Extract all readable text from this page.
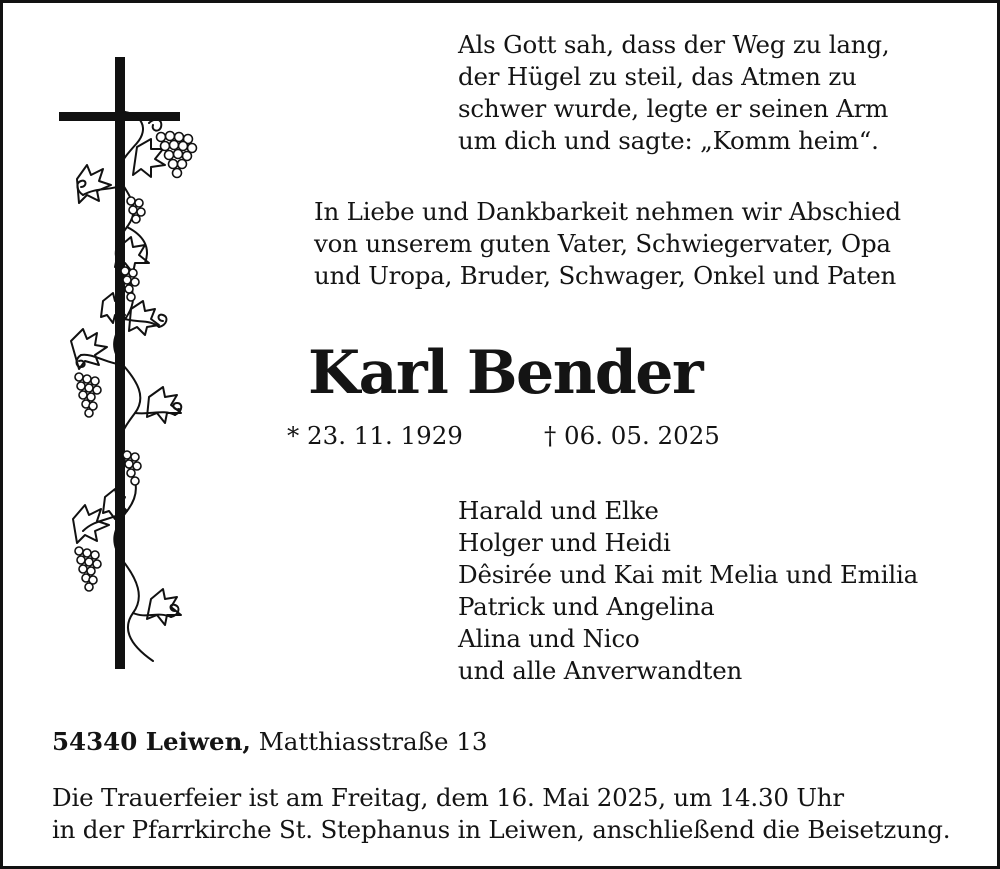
Als Gott sah, dass der Weg zu lang,
der Hügel zu steil, das Atmen zu
schwer wurde, legte er seinen Arm
um dich und sagte: „Komm heim“.
In Liebe und Dankbarkeit nehmen wir Abschied
von unserem guten Vater, Schwiegervater, Opa
und Uropa, Bruder, Schwager, Onkel und Paten
Karl Bender
* 23. 11. 1929	† 06. 05. 2025
Harald und Elke
Holger und Heidi
Dêsirée und Kai mit Melia und Emilia
Patrick und Angelina
Alina und Nico
und alle Anverwandten
54340 Leiwen, Matthiasstraße 13
Die Trauerfeier ist am Freitag, dem 16. Mai 2025, um 14.30 Uhr
in der Pfarrkirche St. Stephanus in Leiwen, anschließend die Beisetzung.
